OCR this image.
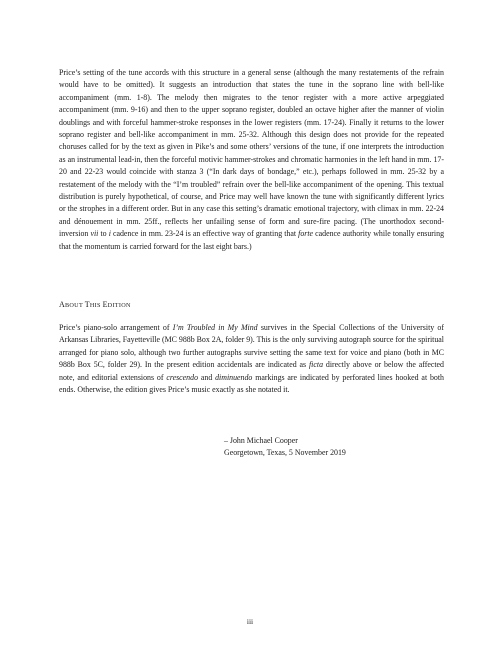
Price’s setting of the tune accords with this structure in a general sense (although the many restatements of the refrain would have to be omitted). It suggests an introduction that states the tune in the soprano line with bell-like accompaniment (mm. 1-8). The melody then migrates to the tenor register with a more active arpeggiated accompaniment (mm. 9-16) and then to the upper soprano register, doubled an octave higher after the manner of violin doublings and with forceful hammer-stroke responses in the lower registers (mm. 17-24). Finally it returns to the lower soprano register and bell-like accompaniment in mm. 25-32. Although this design does not provide for the repeated choruses called for by the text as given in Pike’s and some others’ versions of the tune, if one interprets the introduction as an instrumental lead-in, then the forceful motivic hammer-strokes and chromatic harmonies in the left hand in mm. 17-20 and 22-23 would coincide with stanza 3 (“In dark days of bondage,” etc.), perhaps followed in mm. 25-32 by a restatement of the melody with the “I’m troubled” refrain over the bell-like accompaniment of the opening. This textual distribution is purely hypothetical, of course, and Price may well have known the tune with significantly different lyrics or the strophes in a different order. But in any case this setting’s dramatic emotional trajectory, with climax in mm. 22-24 and dénouement in mm. 25ff., reflects her unfailing sense of form and sure-fire pacing. (The unorthodox second-inversion vii to i cadence in mm. 23-24 is an effective way of granting that forte cadence authority while tonally ensuring that the momentum is carried forward for the last eight bars.)

ABOUT THIS EDITION

Price’s piano-solo arrangement of I’m Troubled in My Mind survives in the Special Collections of the University of Arkansas Libraries, Fayetteville (MC 988b Box 2A, folder 9). This is the only surviving autograph source for the spiritual arranged for piano solo, although two further autographs survive setting the same text for voice and piano (both in MC 988b Box 5C, folder 29). In the present edition accidentals are indicated as ficta directly above or below the affected note, and editorial extensions of crescendo and diminuendo markings are indicated by perforated lines hooked at both ends. Otherwise, the edition gives Price’s music exactly as she notated it.

– John Michael Cooper
Georgetown, Texas, 5 November 2019
iii
